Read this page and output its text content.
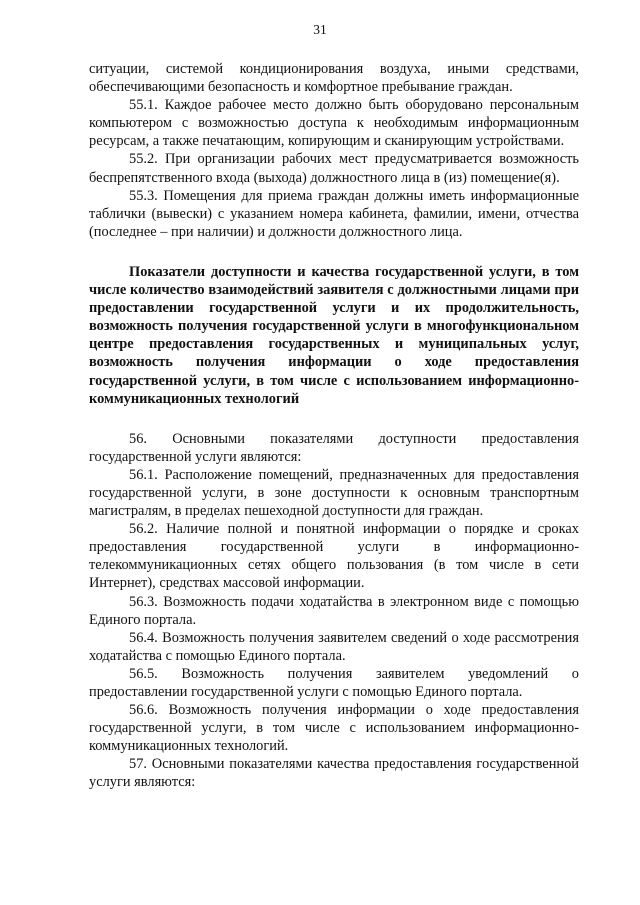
31

ситуации, системой кондиционирования воздуха, иными средствами, обеспечивающими безопасность и комфортное пребывание граждан.

55.1. Каждое рабочее место должно быть оборудовано персональным компьютером с возможностью доступа к необходимым информационным ресурсам, а также печатающим, копирующим и сканирующим устройствами.

55.2. При организации рабочих мест предусматривается возможность беспрепятственного входа (выхода) должностного лица в (из) помещение(я).

55.3. Помещения для приема граждан должны иметь информационные таблички (вывески) с указанием номера кабинета, фамилии, имени, отчества (последнее – при наличии) и должности должностного лица.

Показатели доступности и качества государственной услуги, в том числе количество взаимодействий заявителя с должностными лицами при предоставлении государственной услуги и их продолжительность, возможность получения государственной услуги в многофункциональном центре предоставления государственных и муниципальных услуг, возможность получения информации о ходе предоставления государственной услуги, в том числе с использованием информационно-коммуникационных технологий

56. Основными показателями доступности предоставления государственной услуги являются:

56.1. Расположение помещений, предназначенных для предоставления государственной услуги, в зоне доступности к основным транспортным магистралям, в пределах пешеходной доступности для граждан.

56.2. Наличие полной и понятной информации о порядке и сроках предоставления государственной услуги в информационно-телекоммуникационных сетях общего пользования (в том числе в сети Интернет), средствах массовой информации.

56.3. Возможность подачи ходатайства в электронном виде с помощью Единого портала.

56.4. Возможность получения заявителем сведений о ходе рассмотрения ходатайства с помощью Единого портала.

56.5. Возможность получения заявителем уведомлений о предоставлении государственной услуги с помощью Единого портала.

56.6. Возможность получения информации о ходе предоставления государственной услуги, в том числе с использованием информационно-коммуникационных технологий.

57. Основными показателями качества предоставления государственной услуги являются:
